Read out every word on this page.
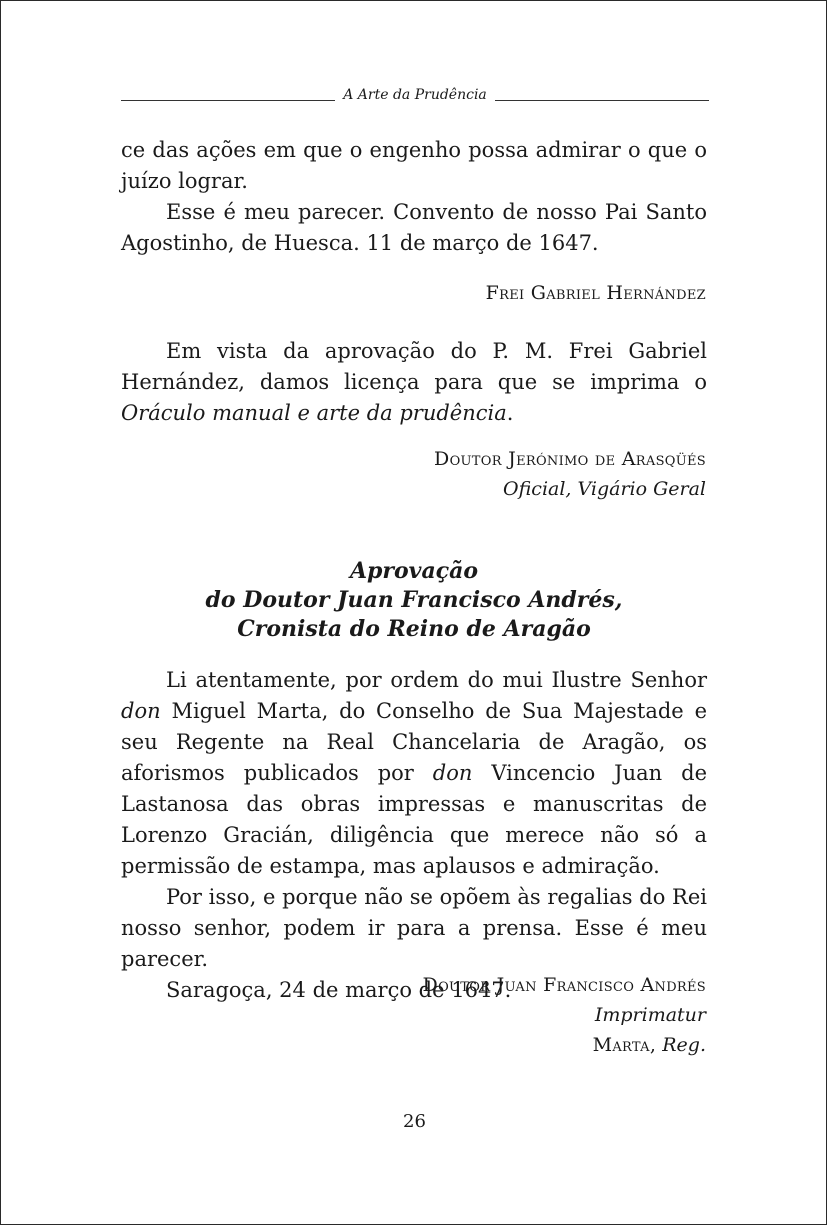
A Arte da Prudência

ce das ações em que o engenho possa admirar o que o
juízo lograr.

Esse é meu parecer. Convento de nosso Pai Santo Agostinho, de Huesca. 11 de março de 1647.

Frei Gabriel Hernández

Em vista da aprovação do P. M. Frei Gabriel Hernández, damos licença para que se imprima o Oráculo manual e arte da prudência.

Doutor Jerónimo de Arasqüés
Oficial, Vigário Geral
Aprovação
do Doutor Juan Francisco Andrés,
Cronista do Reino de Aragão

Li atentamente, por ordem do mui Ilustre Senhor don Miguel Marta, do Conselho de Sua Majestade e seu Regente na Real Chancelaria de Aragão, os aforismos publicados por don Vincencio Juan de Lastanosa das obras impressas e manuscritas de Lorenzo Gracián, diligência que merece não só a permissão de estampa, mas aplausos e admiração.

Por isso, e porque não se opõem às regalias do Rei nosso senhor, podem ir para a prensa. Esse é meu parecer.

Saragoça, 24 de março de 1647.

Doutor Juan Francisco Andrés
Imprimatur
Marta, Reg.
26
